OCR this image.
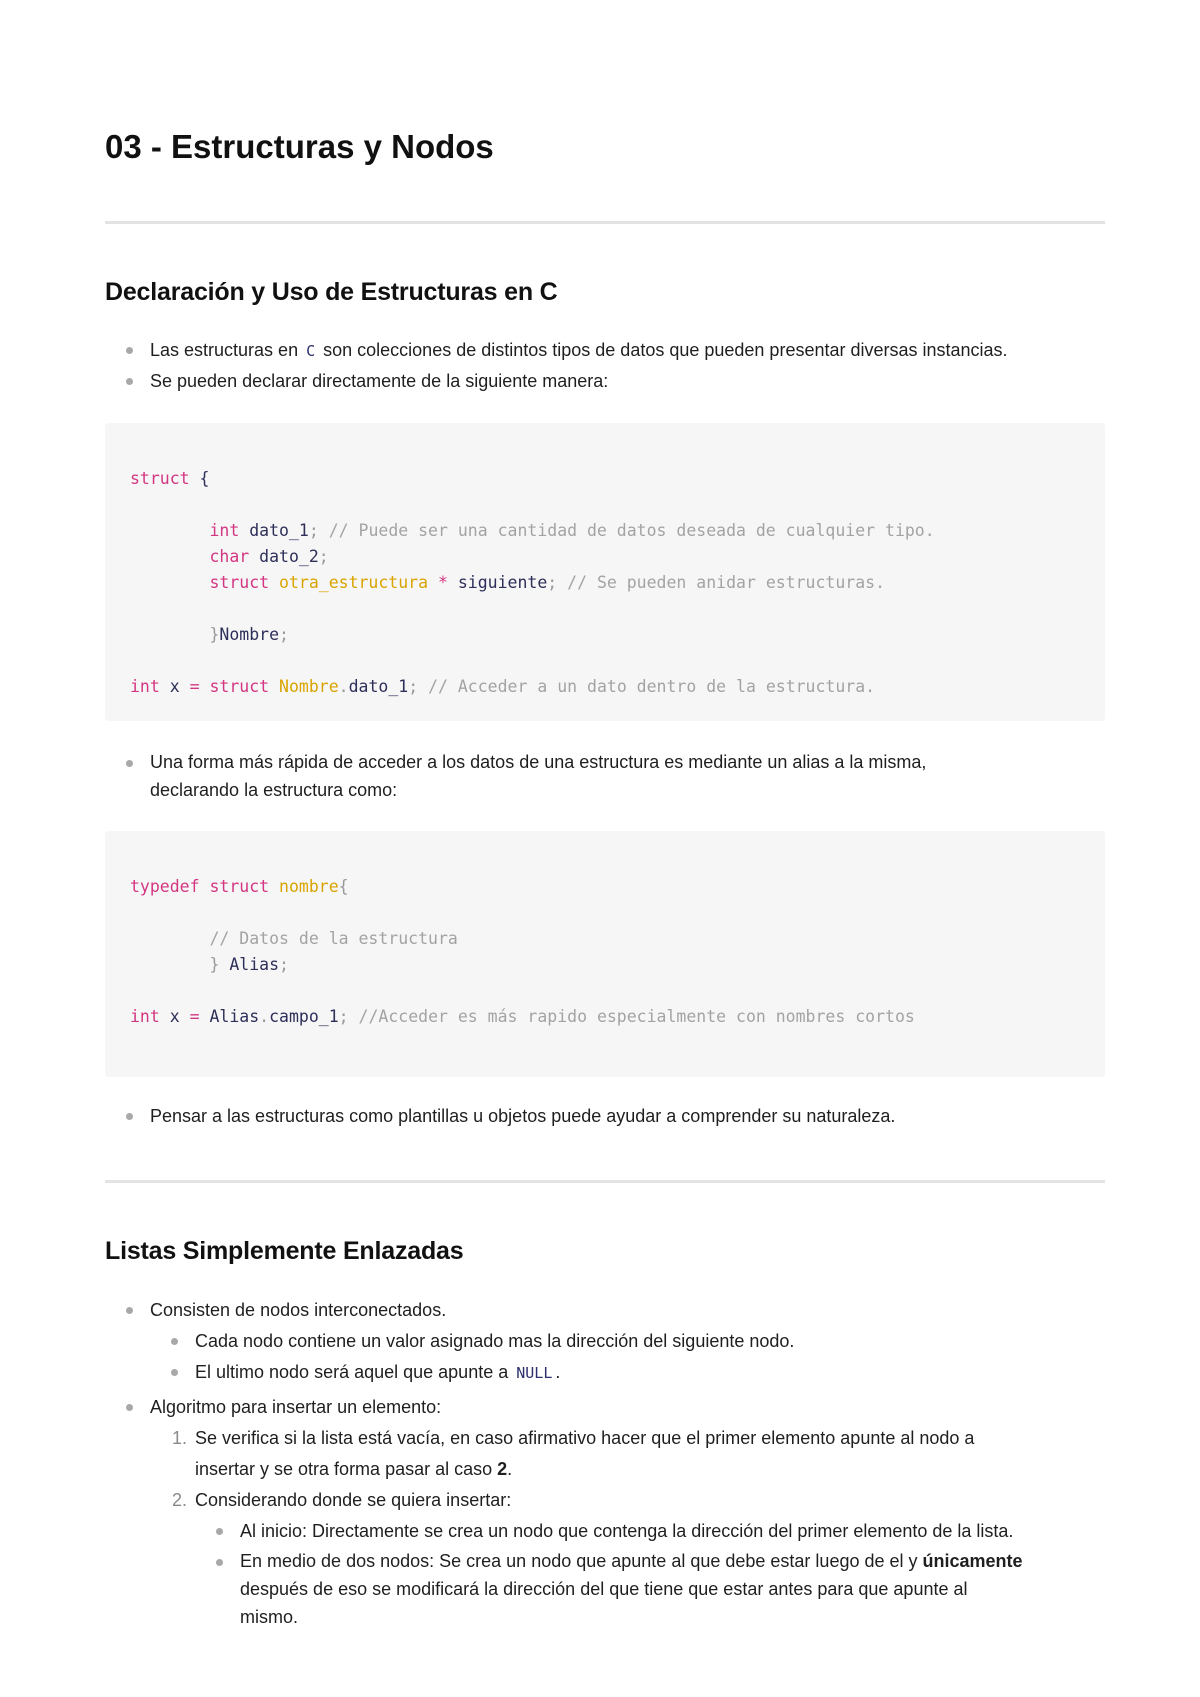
03 - Estructuras y Nodos
Declaración y Uso de Estructuras en C
Las estructuras en C son colecciones de distintos tipos de datos que pueden presentar diversas instancias.
Se pueden declarar directamente de la siguiente manera:
struct {

int dato_1; // Puede ser una cantidad de datos deseada de cualquier tipo.
char dato_2;
struct otra_estructura * siguiente; // Se pueden anidar estructuras.

}Nombre;

int x = struct Nombre.dato_1; // Acceder a un dato dentro de la estructura.
Una forma más rápida de acceder a los datos de una estructura es mediante un alias a la misma,
declarando la estructura como:
typedef struct nombre{

// Datos de la estructura
} Alias;

int x = Alias.campo_1; //Acceder es más rapido especialmente con nombres cortos
Pensar a las estructuras como plantillas u objetos puede ayudar a comprender su naturaleza.
Listas Simplemente Enlazadas
Consisten de nodos interconectados.
Cada nodo contiene un valor asignado mas la dirección del siguiente nodo.
El ultimo nodo será aquel que apunte a NULL .
Algoritmo para insertar un elemento:
1. Se verifica si la lista está vacía, en caso afirmativo hacer que el primer elemento apunte al nodo a
insertar y se otra forma pasar al caso 2.
2. Considerando donde se quiera insertar:
Al inicio: Directamente se crea un nodo que contenga la dirección del primer elemento de la lista.
En medio de dos nodos: Se crea un nodo que apunte al que debe estar luego de el y únicamente
después de eso se modificará la dirección del que tiene que estar antes para que apunte al
mismo.
